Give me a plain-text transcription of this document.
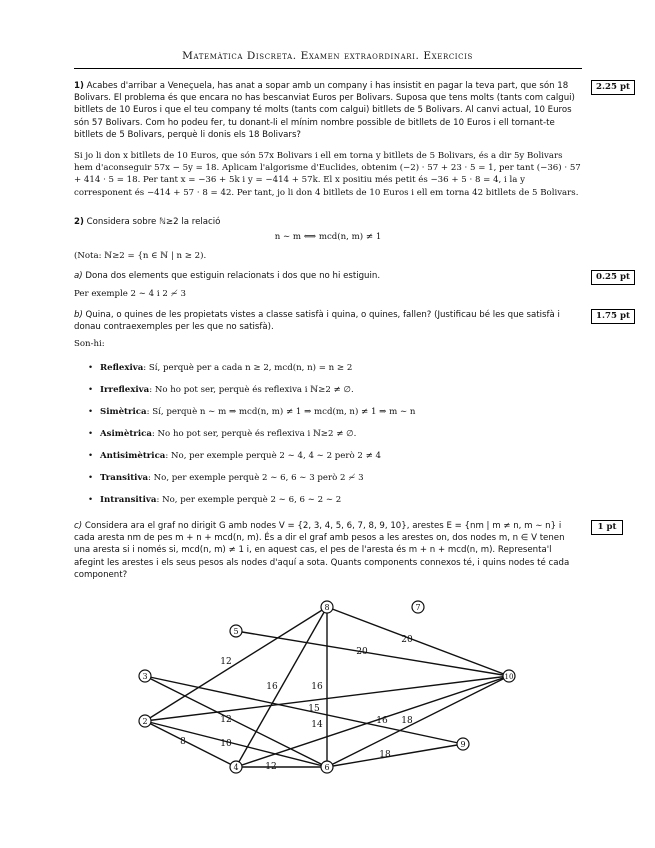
Matemàtica Discreta. Examen extraordinari. Exercicis

1) Acabes d'arribar a Veneçuela, has anat a sopar amb un company i has insistit en pagar la teva part, que són 18 Bolivars. El problema és que encara no has bescanviat Euros per Bolivars. Suposa que tens molts (tants com calgui) bitllets de 10 Euros i que el teu company té molts (tants com calgui) bitllets de 5 Bolivars. Al canvi actual, 10 Euros són 57 Bolivars. Com ho podeu fer, tu donant-li el mínim nombre possible de bitllets de 10 Euros i ell tornant-te bitllets de 5 Bolivars, perquè li donis els 18 Bolivars?

2.25 pt

Si jo li don x bitllets de 10 Euros, que són 57x Bolivars i ell em torna y bitllets de 5 Bolivars, és a dir 5y Bolivars hem d'aconseguir 57x − 5y = 18. Aplicam l'algorisme d'Euclides, obtenim (−2) · 57 + 23 · 5 = 1, per tant (−36) · 57 + 414 · 5 = 18. Per tant x = −36 + 5k i y = −414 + 57k. El x positiu més petit és −36 + 5 · 8 = 4, i la y corresponent és −414 + 57 · 8 = 42. Per tant, jo li don 4 bitllets de 10 Euros i ell em torna 42 bitllets de 5 Bolivars.

2) Considera sobre ℕ≥2 la relació

n ∼ m ⟺ mcd(n, m) ≠ 1

(Nota: ℕ≥2 = {n ∈ ℕ | n ≥ 2).

a) Dona dos elements que estiguin relacionats i dos que no hi estiguin.	0.25 pt

Per exemple 2 ∼ 4 i 2 ≁ 3

b) Quina, o quines de les propietats vistes a classe satisfà i quina, o quines, fallen? (Justificau bé les que satisfà i donau contraexemples per les que no satisfà).

1.75 pt

Son-hi:

• Reflexiva: Sí, perquè per a cada n ≥ 2, mcd(n, n) = n ≥ 2
• Irreflexiva: No ho pot ser, perquè és reflexiva i ℕ≥2 ≠ ∅.
• Simètrica: Sí, perquè n ∼ m ⇒ mcd(n, m) ≠ 1 ⇒ mcd(m, n) ≠ 1 ⇒ m ∼ n
• Asimètrica: No ho pot ser, perquè és reflexiva i ℕ≥2 ≠ ∅.
• Antisimètrica: No, per exemple perquè 2 ∼ 4, 4 ∼ 2 però 2 ≠ 4
• Transitiva: No, per exemple perquè 2 ∼ 6, 6 ∼ 3 però 2 ≁ 3
• Intransitiva: No, per exemple perquè 2 ∼ 6, 6 ∼ 2 ∼ 2

c) Considera ara el graf no dirigit G amb nodes V = {2, 3, 4, 5, 6, 7, 8, 9, 10}, arestes E = {nm | m ≠ n, m ∼ n} i cada aresta nm de pes m + n + mcd(n, m). És a dir el graf amb pesos a les arestes on, dos nodes m, n ∈ V tenen una aresta si i només si, mcd(n, m) ≠ 1 i, en aquest cas, el pes de l'aresta és m + n + mcd(n, m). Representa'l afegint les arestes i els seus pesos als nodes d'aquí a sota. Quants components connexos té, i quins nodes té cada component?

1 pt
12
14
10
8
12
15
16
16
12
20
16
18
18
20
2
3
4
5
6
7
8
9
10
